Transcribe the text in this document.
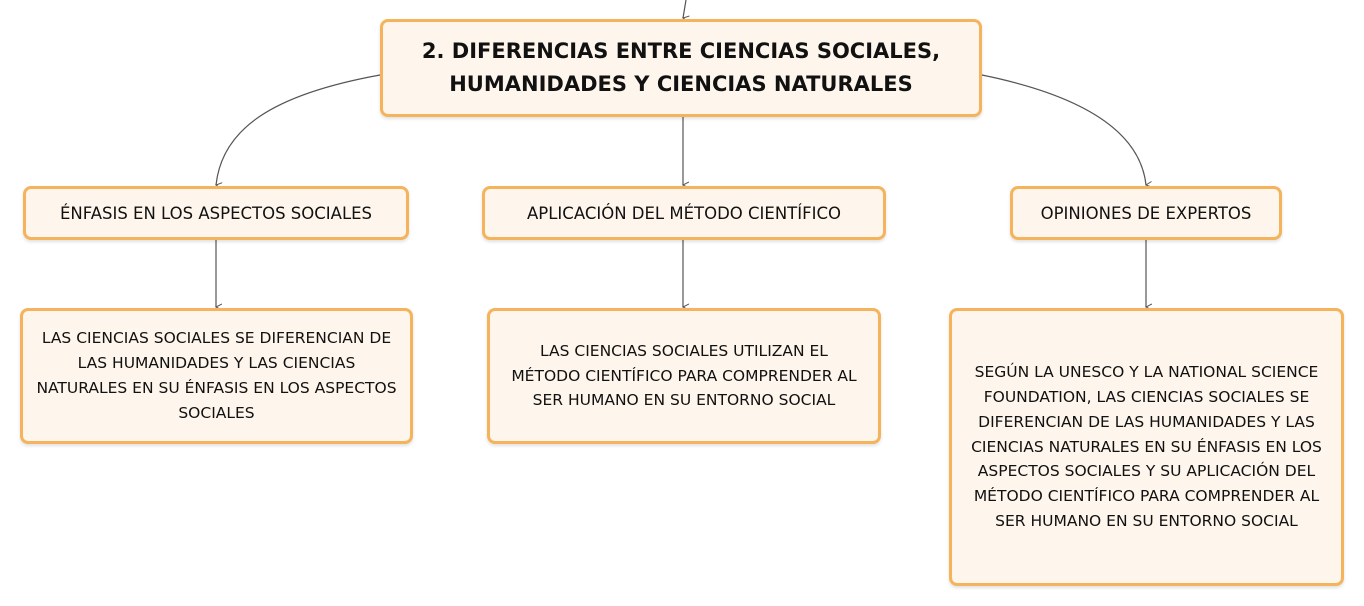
2. DIFERENCIAS ENTRE CIENCIAS SOCIALES,
HUMANIDADES Y CIENCIAS NATURALES
ÉNFASIS EN LOS ASPECTOS SOCIALES	APLICACIÓN DEL MÉTODO CIENTÍFICO	OPINIONES DE EXPERTOS
LAS CIENCIAS SOCIALES SE DIFERENCIAN DE
LAS HUMANIDADES Y LAS CIENCIAS
NATURALES EN SU ÉNFASIS EN LOS ASPECTOS
SOCIALES
LAS CIENCIAS SOCIALES UTILIZAN EL
MÉTODO CIENTÍFICO PARA COMPRENDER AL
SER HUMANO EN SU ENTORNO SOCIAL
SEGÚN LA UNESCO Y LA NATIONAL SCIENCE
FOUNDATION, LAS CIENCIAS SOCIALES SE
DIFERENCIAN DE LAS HUMANIDADES Y LAS
CIENCIAS NATURALES EN SU ÉNFASIS EN LOS
ASPECTOS SOCIALES Y SU APLICACIÓN DEL
MÉTODO CIENTÍFICO PARA COMPRENDER AL
SER HUMANO EN SU ENTORNO SOCIAL
